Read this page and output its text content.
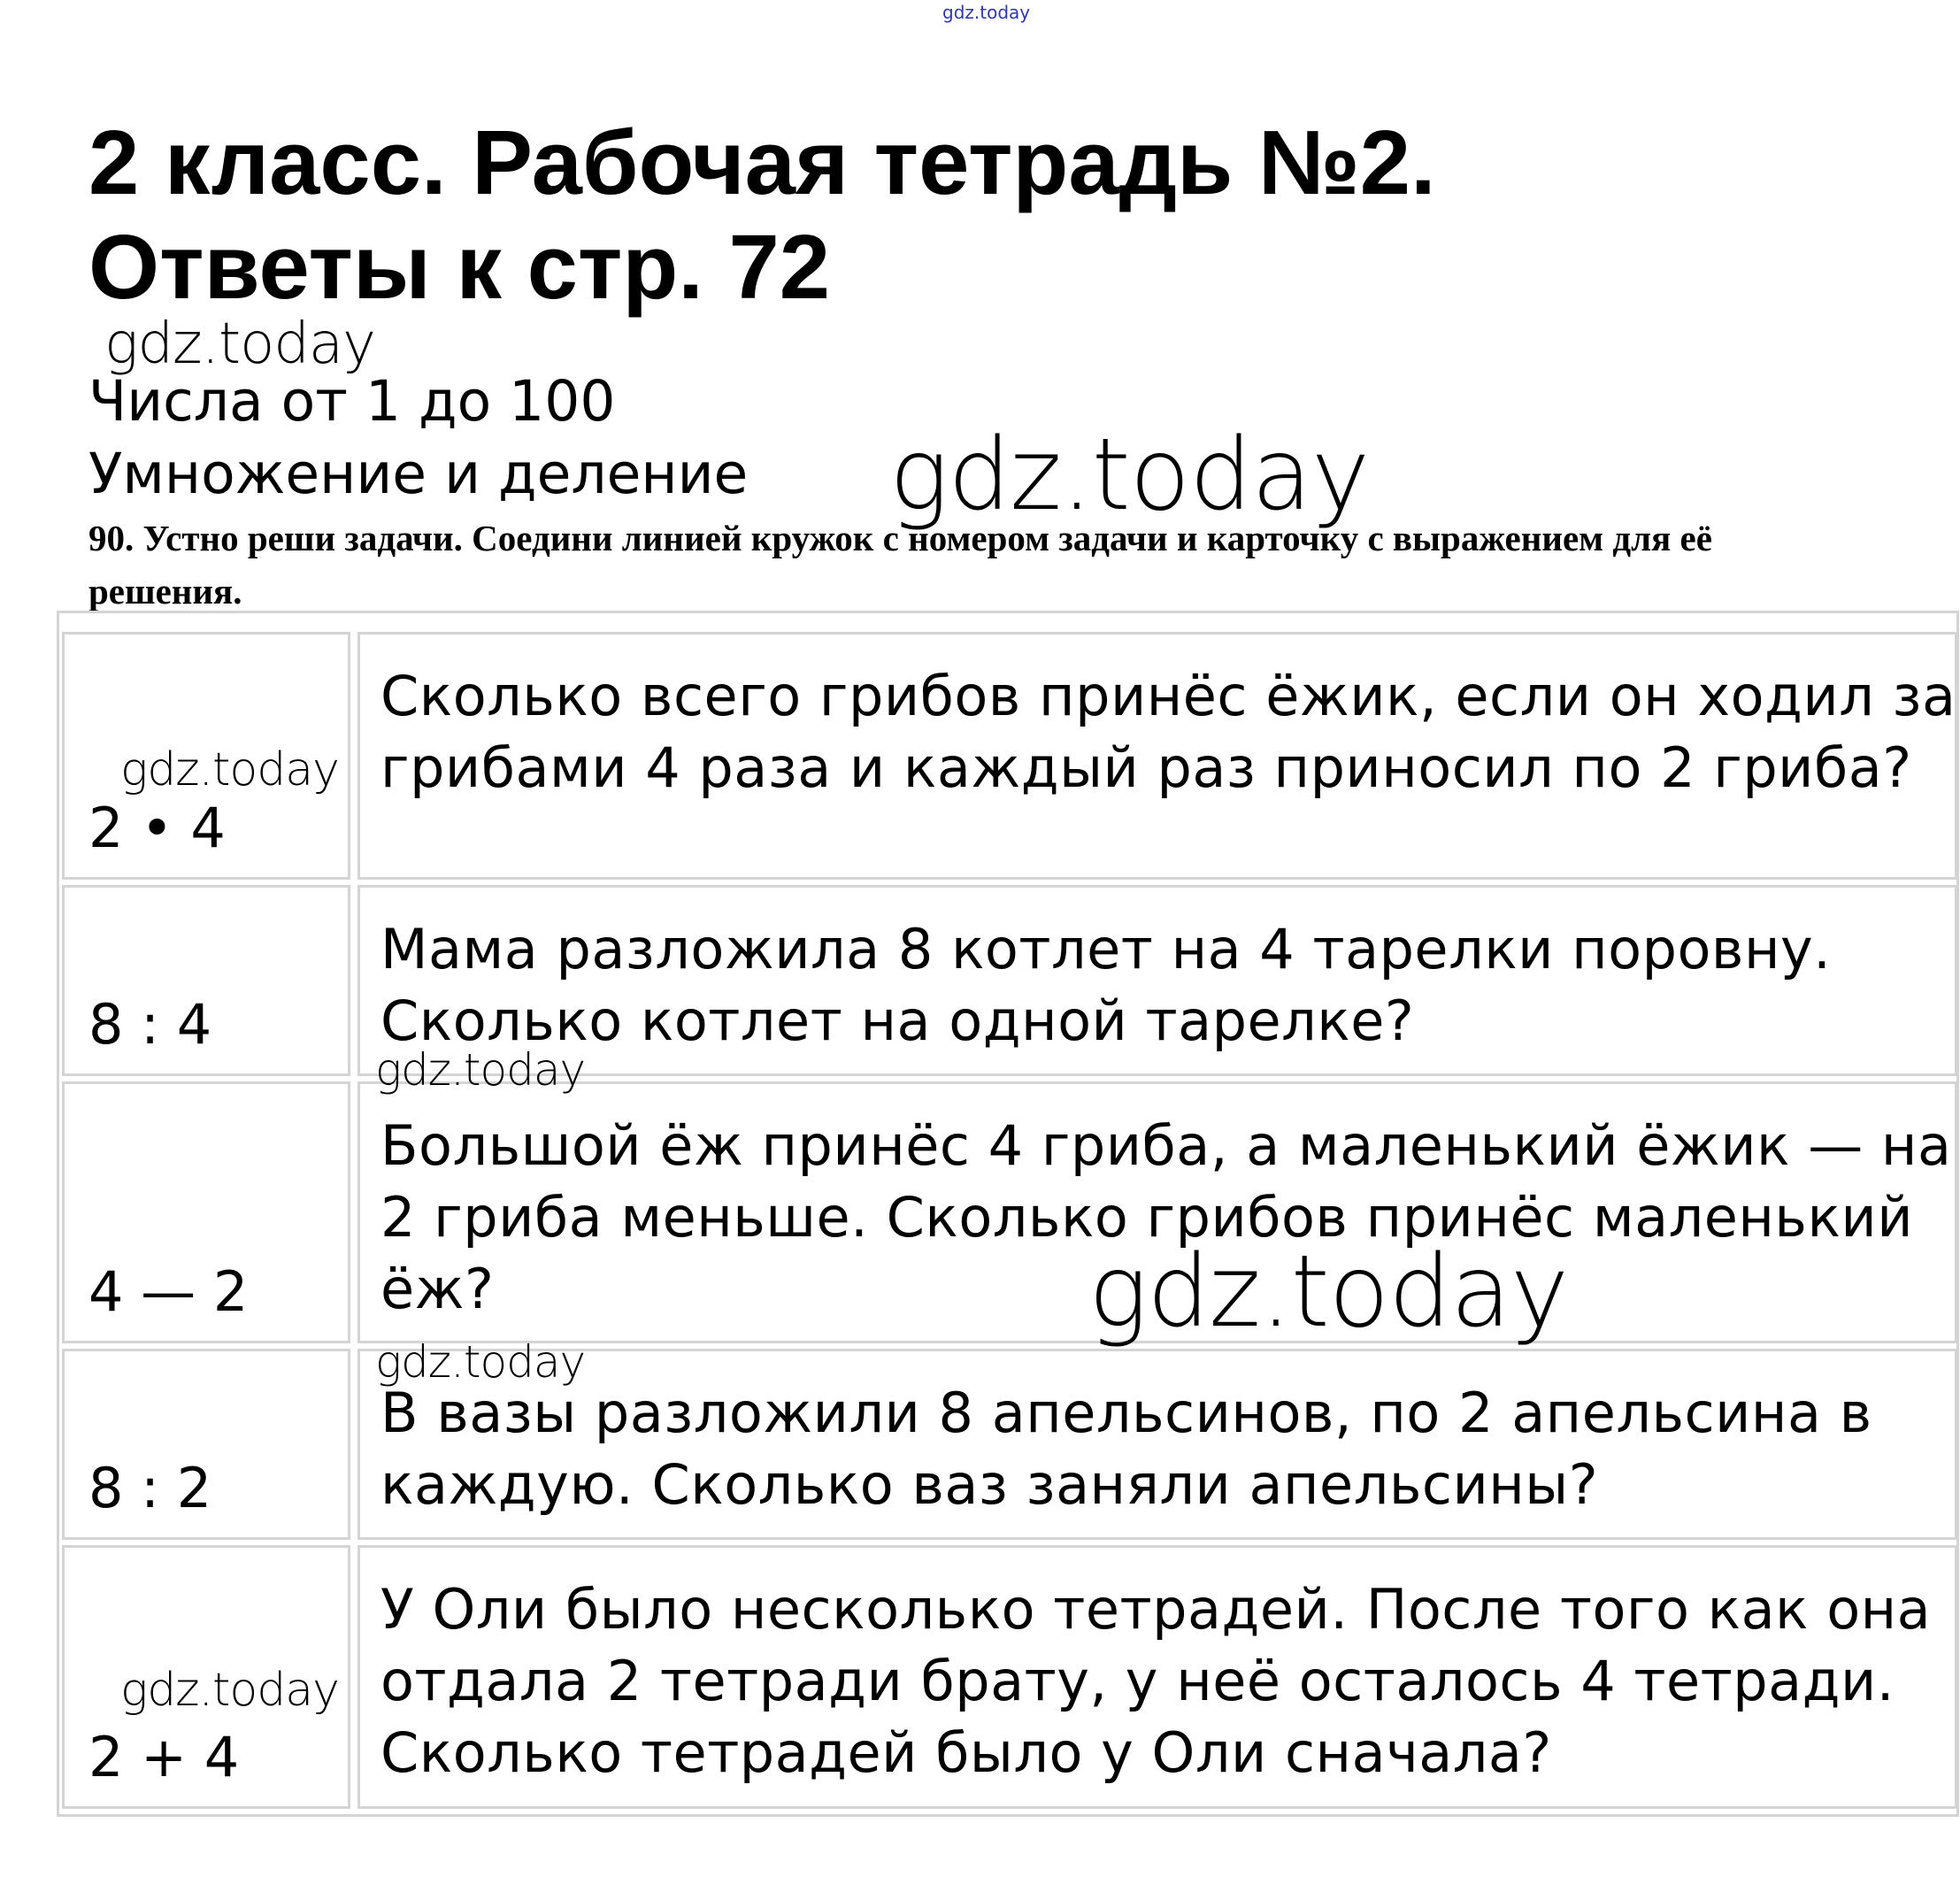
gdz.today
2 класс. Рабочая тетрадь №2.
Ответы к стр. 72
gdz.today
Числа от 1 до 100
Умножение и деление gdz.today

90. Устно реши задачи. Соедини линией кружок с номером задачи и карточку с выражением для её решения.

2 • 4

Сколько всего грибов принёс ёжик, если он ходил за грибами 4 раза и каждый раз приносил по 2 гриба?

8 : 4

Мама разложила 8 котлет на 4 тарелки поровну. Сколько котлет на одной тарелке?

4 — 2

Большой ёж принёс 4 гриба, а маленький ёжик — на 2 гриба меньше. Сколько грибов принёс маленький ёж?

8 : 2

В вазы разложили 8 апельсинов, по 2 апельсина в каждую. Сколько ваз заняли апельсины?

2 + 4

У Оли было несколько тетрадей. После того как она отдала 2 тетради брату, у неё осталось 4 тетради. Сколько тетрадей было у Оли сначала?

gdz.today
gdz.today
gdz.today
gdz.today
gdz.today
